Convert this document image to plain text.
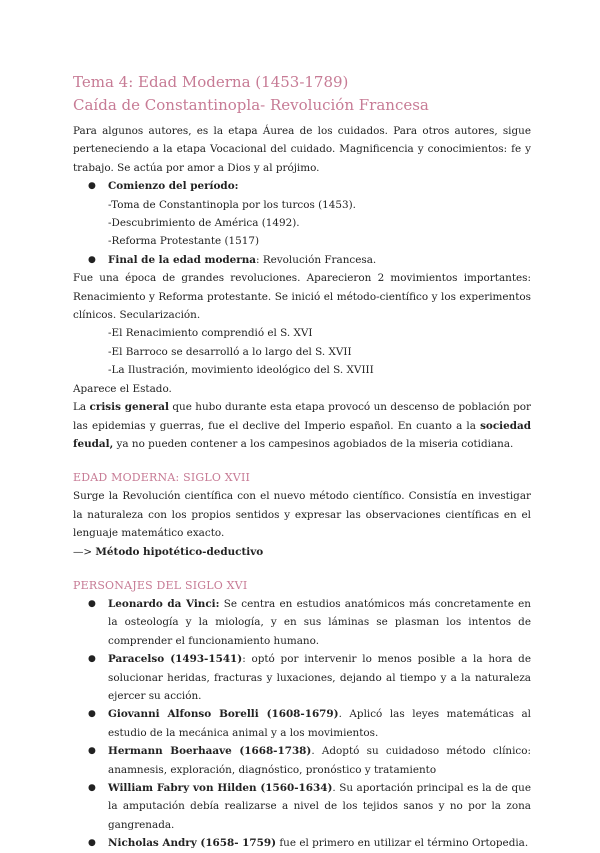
Tema 4: Edad Moderna (1453-1789)
Caída de Constantinopla- Revolución Francesa

Para algunos autores, es la etapa Áurea de los cuidados. Para otros autores, sigue perteneciendo a la etapa Vocacional del cuidado. Magnificencia y conocimientos: fe y trabajo. Se actúa por amor a Dios y al prójimo.

● Comienzo del período:
-Toma de Constantinopla por los turcos (1453).
-Descubrimiento de América (1492).
-Reforma Protestante (1517)
● Final de la edad moderna: Revolución Francesa.

Fue una época de grandes revoluciones. Aparecieron 2 movimientos importantes: Renacimiento y Reforma protestante. Se inició el método-científico y los experimentos clínicos. Secularización.

-El Renacimiento comprendió el S. XVI

-El Barroco se desarrolló a lo largo del S. XVII

-La Ilustración, movimiento ideológico del S. XVIII

Aparece el Estado.

La crisis general que hubo durante esta etapa provocó un descenso de población por las epidemias y guerras, fue el declive del Imperio español. En cuanto a la sociedad feudal, ya no pueden contener a los campesinos agobiados de la miseria cotidiana.

EDAD MODERNA: SIGLO XVII

Surge la Revolución científica con el nuevo método científico. Consistía en investigar la naturaleza con los propios sentidos y expresar las observaciones científicas en el lenguaje matemático exacto.

—> Método hipotético-deductivo

PERSONAJES DEL SIGLO XVI
● Leonardo da Vinci: Se centra en estudios anatómicos más concretamente en la osteología y la miología, y en sus láminas se plasman los intentos de comprender el funcionamiento humano.
● Paracelso (1493-1541): optó por intervenir lo menos posible a la hora de solucionar heridas, fracturas y luxaciones, dejando al tiempo y a la naturaleza ejercer su acción.
● Giovanni Alfonso Borelli (1608-1679). Aplicó las leyes matemáticas al estudio de la mecánica animal y a los movimientos.
● Hermann Boerhaave (1668-1738). Adoptó su cuidadoso método clínico: anamnesis, exploración, diagnóstico, pronóstico y tratamiento
● William Fabry von Hilden (1560-1634). Su aportación principal es la de que la amputación debía realizarse a nivel de los tejidos sanos y no por la zona gangrenada.
● Nicholas Andry (1658- 1759) fue el primero en utilizar el término Ortopedia.
